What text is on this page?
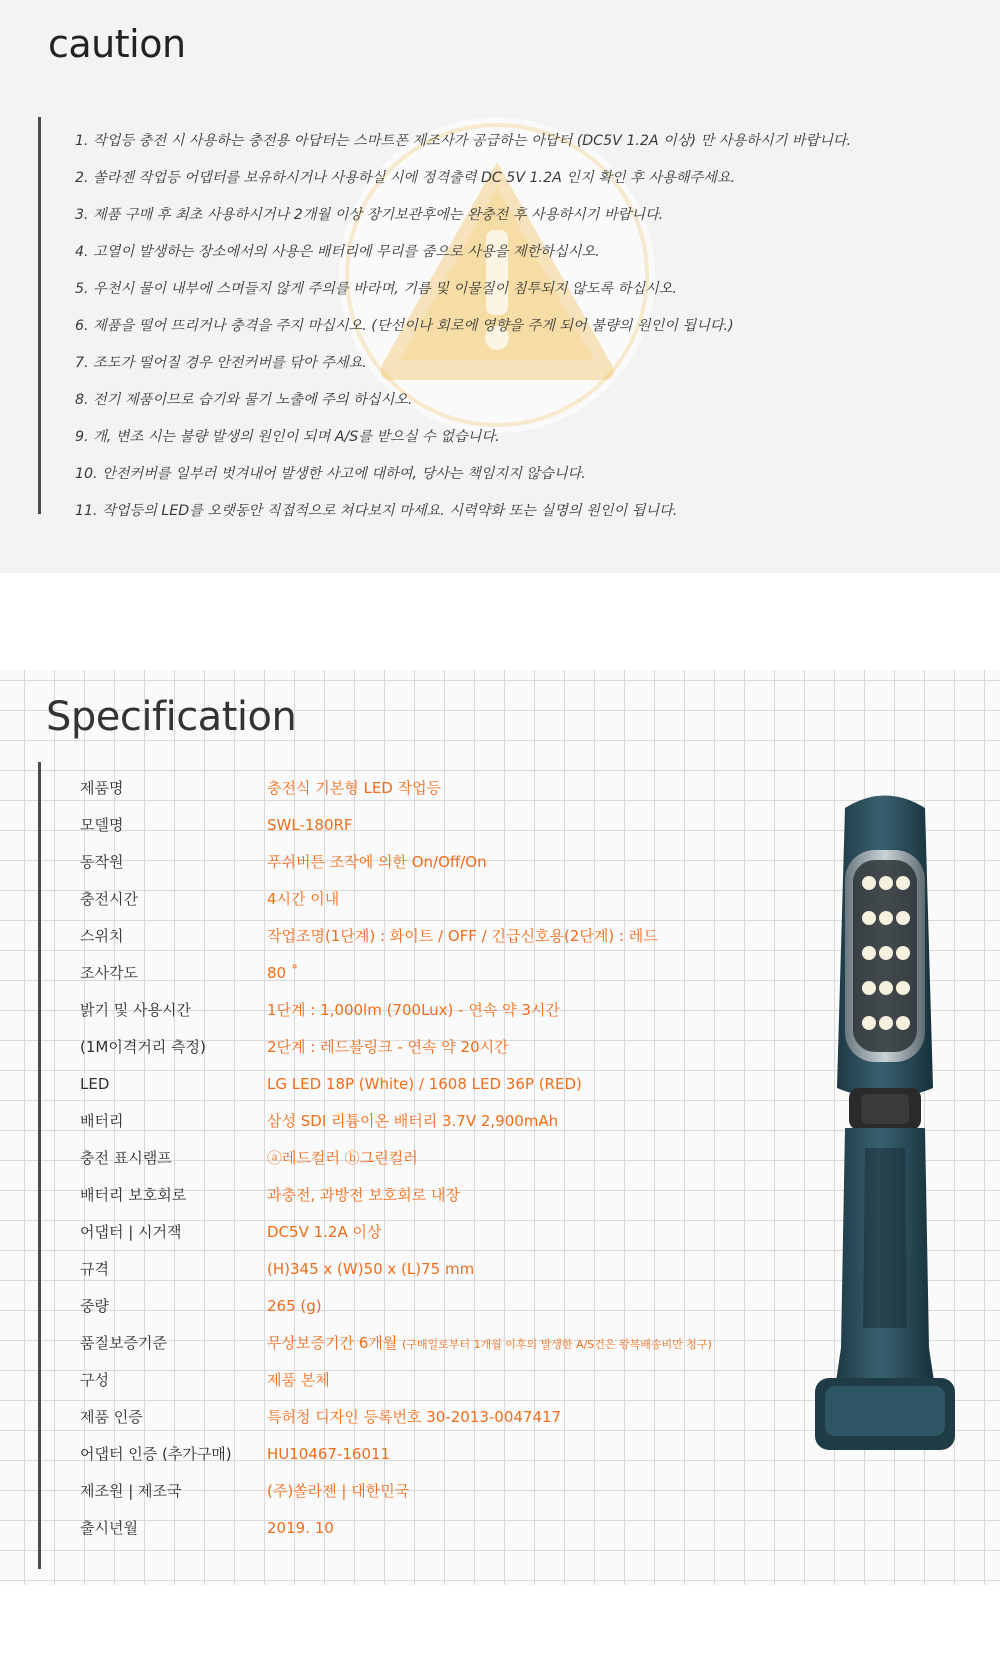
caution
1. 작업등 충전 시 사용하는 충전용 아답터는 스마트폰 제조사가 공급하는 아답터 (DC5V 1.2A 이상) 만 사용하시기 바랍니다.
2. 쏠라젠 작업등 어댑터를 보유하시거나 사용하실 시에 정격출력 DC 5V 1.2A 인지 확인 후 사용해주세요.
3. 제품 구매 후 최초 사용하시거나 2개월 이상 장기보관후에는 완충전 후 사용하시기 바랍니다.
4. 고열이 발생하는 장소에서의 사용은 배터리에 무리를 줌으로 사용을 제한하십시오.
5. 우천시 물이 내부에 스며들지 않게 주의를 바라며, 기름 및 이물질이 침투되지 않도록 하십시오.
6. 제품을 떨어 뜨리거나 충격을 주지 마십시오. (단선이나 회로에 영향을 주게 되어 불량의 원인이 됩니다.)
7. 조도가 떨어질 경우 안전커버를 닦아 주세요.
8. 전기 제품이므로 습기와 물기 노출에 주의 하십시오.
9. 개, 변조 시는 불량 발생의 원인이 되며 A/S를 받으실 수 없습니다.
10. 안전커버를 일부러 벗겨내어 발생한 사고에 대하여, 당사는 책임지지 않습니다.
11. 작업등의 LED를 오랫동안 직접적으로 쳐다보지 마세요. 시력약화 또는 실명의 원인이 됩니다.
Specification
제품명	충전식 기본형 LED 작업등
모델명	SWL-180RF
동작원	푸쉬버튼 조작에 의한 On/Off/On
충전시간	4시간 이내
스위치	작업조명(1단계) : 화이트 / OFF / 긴급신호용(2단계) : 레드
조사각도	80 ˚
밝기 및 사용시간	1단계 : 1,000lm (700Lux) - 연속 약 3시간
(1M이격거리 측정)	2단계 : 레드블링크 - 연속 약 20시간
LED	LG LED 18P (White) / 1608 LED 36P (RED)
배터리	삼성 SDI 리튬이온 배터리 3.7V 2,900mAh
충전 표시램프	ⓐ레드컬러 ⓑ그린컬러
배터리 보호회로	과충전, 과방전 보호회로 내장
어댑터 | 시거잭	DC5V 1.2A 이상
규격	(H)345 x (W)50 x (L)75 mm
중량	265 (g)
품질보증기준	무상보증기간 6개월 (구매일로부터 1개월 이후의 발생한 A/S건은 왕복배송비만 청구)
구성	제품 본체
제품 인증	특허청 디자인 등록번호 30-2013-0047417
어댑터 인증 (추가구매)	HU10467-16011
제조원 | 제조국	(주)쏠라젠 | 대한민국
출시년월	2019. 10
